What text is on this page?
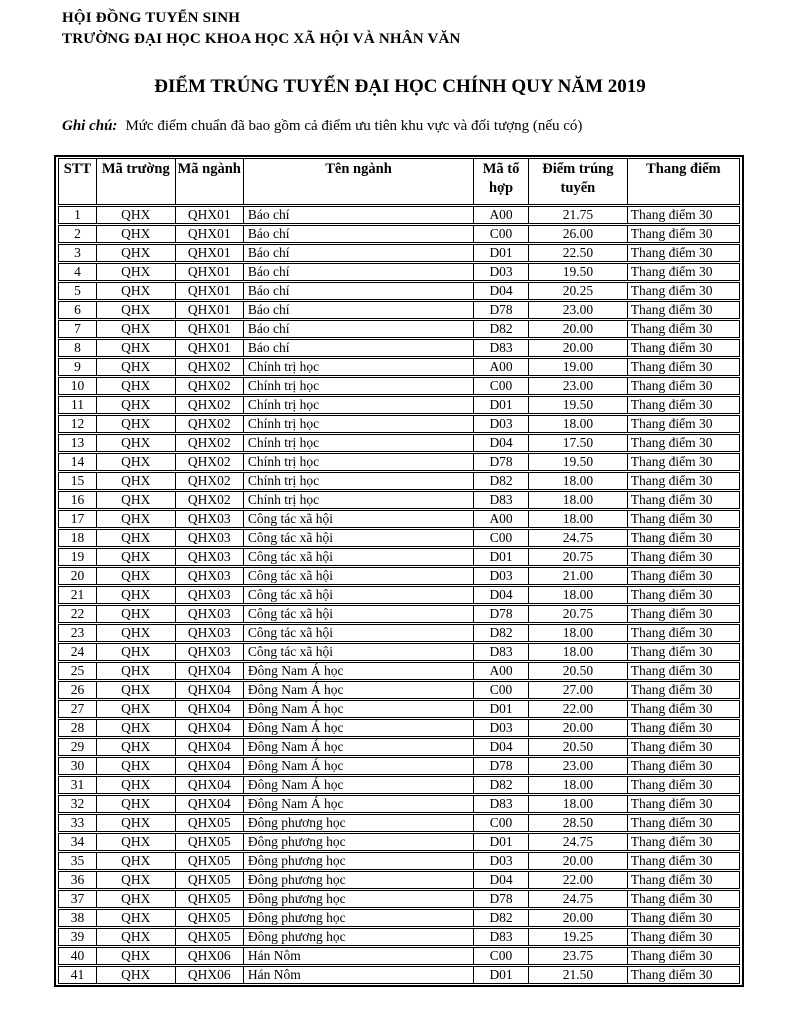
HỘI ĐỒNG TUYỂN SINH
TRƯỜNG ĐẠI HỌC KHOA HỌC XÃ HỘI VÀ NHÂN VĂN
ĐIỂM TRÚNG TUYỂN ĐẠI HỌC CHÍNH QUY NĂM 2019
Ghi chú: Mức điểm chuẩn đã bao gồm cả điểm ưu tiên khu vực và đối tượng (nếu có)
STT	Mã trường	Mã ngành	Tên ngành	Mã tổ hợp	Điểm trúng tuyển	Thang điểm
1	QHX	QHX01	Báo chí	A00	21.75	Thang điểm 30
2	QHX	QHX01	Báo chí	C00	26.00	Thang điểm 30
3	QHX	QHX01	Báo chí	D01	22.50	Thang điểm 30
4	QHX	QHX01	Báo chí	D03	19.50	Thang điểm 30
5	QHX	QHX01	Báo chí	D04	20.25	Thang điểm 30
6	QHX	QHX01	Báo chí	D78	23.00	Thang điểm 30
7	QHX	QHX01	Báo chí	D82	20.00	Thang điểm 30
8	QHX	QHX01	Báo chí	D83	20.00	Thang điểm 30
9	QHX	QHX02	Chính trị học	A00	19.00	Thang điểm 30
10	QHX	QHX02	Chính trị học	C00	23.00	Thang điểm 30
11	QHX	QHX02	Chính trị học	D01	19.50	Thang điểm 30
12	QHX	QHX02	Chính trị học	D03	18.00	Thang điểm 30
13	QHX	QHX02	Chính trị học	D04	17.50	Thang điểm 30
14	QHX	QHX02	Chính trị học	D78	19.50	Thang điểm 30
15	QHX	QHX02	Chính trị học	D82	18.00	Thang điểm 30
16	QHX	QHX02	Chính trị học	D83	18.00	Thang điểm 30
17	QHX	QHX03	Công tác xã hội	A00	18.00	Thang điểm 30
18	QHX	QHX03	Công tác xã hội	C00	24.75	Thang điểm 30
19	QHX	QHX03	Công tác xã hội	D01	20.75	Thang điểm 30
20	QHX	QHX03	Công tác xã hội	D03	21.00	Thang điểm 30
21	QHX	QHX03	Công tác xã hội	D04	18.00	Thang điểm 30
22	QHX	QHX03	Công tác xã hội	D78	20.75	Thang điểm 30
23	QHX	QHX03	Công tác xã hội	D82	18.00	Thang điểm 30
24	QHX	QHX03	Công tác xã hội	D83	18.00	Thang điểm 30
25	QHX	QHX04	Đông Nam Á học	A00	20.50	Thang điểm 30
26	QHX	QHX04	Đông Nam Á học	C00	27.00	Thang điểm 30
27	QHX	QHX04	Đông Nam Á học	D01	22.00	Thang điểm 30
28	QHX	QHX04	Đông Nam Á học	D03	20.00	Thang điểm 30
29	QHX	QHX04	Đông Nam Á học	D04	20.50	Thang điểm 30
30	QHX	QHX04	Đông Nam Á học	D78	23.00	Thang điểm 30
31	QHX	QHX04	Đông Nam Á học	D82	18.00	Thang điểm 30
32	QHX	QHX04	Đông Nam Á học	D83	18.00	Thang điểm 30
33	QHX	QHX05	Đông phương học	C00	28.50	Thang điểm 30
34	QHX	QHX05	Đông phương học	D01	24.75	Thang điểm 30
35	QHX	QHX05	Đông phương học	D03	20.00	Thang điểm 30
36	QHX	QHX05	Đông phương học	D04	22.00	Thang điểm 30
37	QHX	QHX05	Đông phương học	D78	24.75	Thang điểm 30
38	QHX	QHX05	Đông phương học	D82	20.00	Thang điểm 30
39	QHX	QHX05	Đông phương học	D83	19.25	Thang điểm 30
40	QHX	QHX06	Hán Nôm	C00	23.75	Thang điểm 30
41	QHX	QHX06	Hán Nôm	D01	21.50	Thang điểm 30
